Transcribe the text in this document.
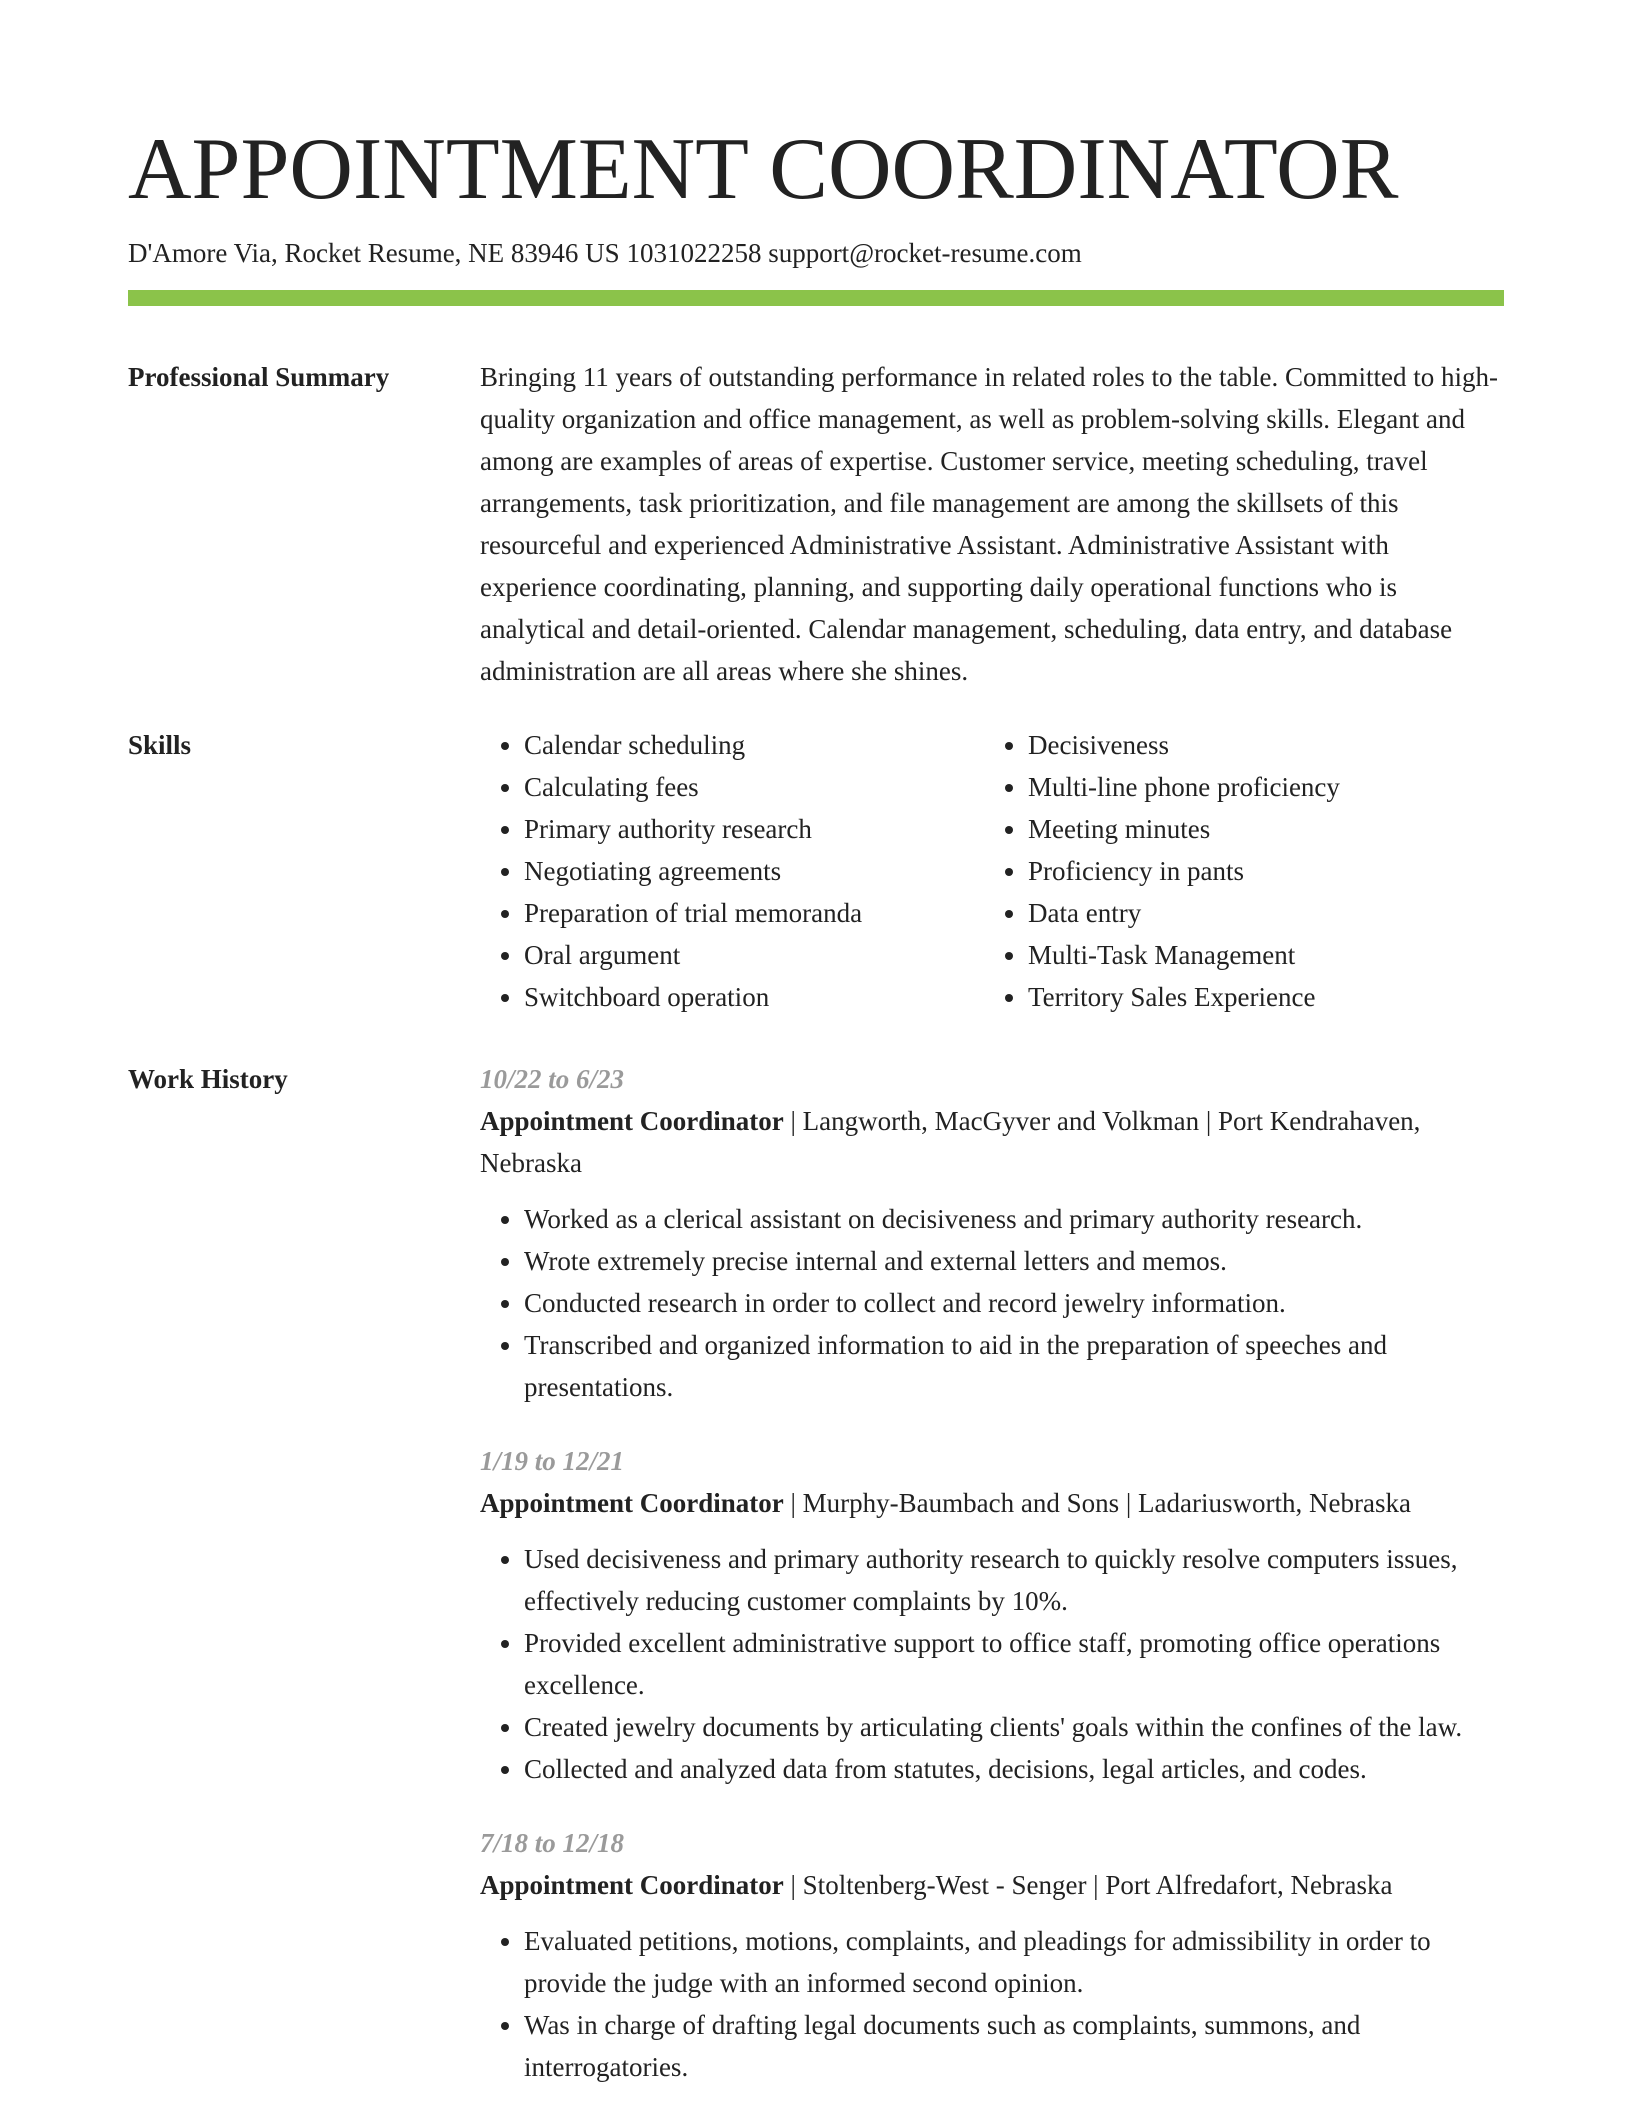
APPOINTMENT COORDINATOR
D'Amore Via, Rocket Resume, NE 83946 US 1031022258 support@rocket-resume.com
Professional Summary	Bringing 11 years of outstanding performance in related roles to the table. Committed to high-quality organization and office management, as well as problem-solving skills. Elegant and among are examples of areas of expertise. Customer service, meeting scheduling, travel arrangements, task prioritization, and file management are among the skillsets of this resourceful and experienced Administrative Assistant. Administrative Assistant with experience coordinating, planning, and supporting daily operational functions who is analytical and detail-oriented. Calendar management, scheduling, data entry, and database administration are all areas where she shines.

Skills
•	Calendar scheduling
• Calculating fees
• Primary authority research
• Negotiating agreements
• Preparation of trial memoranda
• Oral argument
• Switchboard operation
• Decisiveness
• Multi-line phone proficiency
• Meeting minutes
• Proficiency in pants
• Data entry
• Multi-Task Management
• Territory Sales Experience
Work History	10/22 to 6/23
Appointment Coordinator | Langworth, MacGyver and Volkman | Port Kendrahaven, Nebraska
• Worked as a clerical assistant on decisiveness and primary authority research.
• Wrote extremely precise internal and external letters and memos.
• Conducted research in order to collect and record jewelry information.
• Transcribed and organized information to aid in the preparation of speeches and presentations.
1/19 to 12/21
Appointment Coordinator | Murphy-Baumbach and Sons | Ladariusworth, Nebraska
• Used decisiveness and primary authority research to quickly resolve computers issues, effectively reducing customer complaints by 10%.
• Provided excellent administrative support to office staff, promoting office operations excellence.
• Created jewelry documents by articulating clients' goals within the confines of the law.
• Collected and analyzed data from statutes, decisions, legal articles, and codes.
7/18 to 12/18
Appointment Coordinator | Stoltenberg-West - Senger | Port Alfredafort, Nebraska
• Evaluated petitions, motions, complaints, and pleadings for admissibility in order to provide the judge with an informed second opinion.
• Was in charge of drafting legal documents such as complaints, summons, and interrogatories.
